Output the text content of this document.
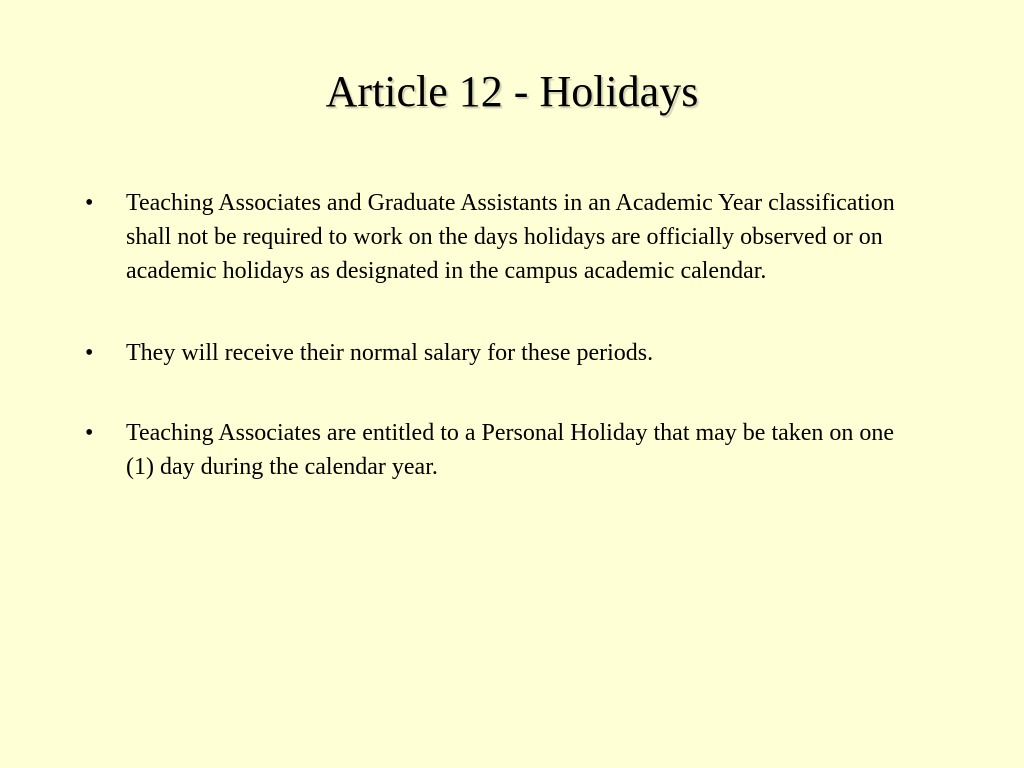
Article 12 - Holidays
•	Teaching Associates and Graduate Assistants in an Academic Year classification shall not be required to work on the days holidays are officially observed or on academic holidays as designated in the campus academic calendar.
•	They will receive their normal salary for these periods.
•	Teaching Associates are entitled to a Personal Holiday that may be taken on one (1) day during the calendar year.
